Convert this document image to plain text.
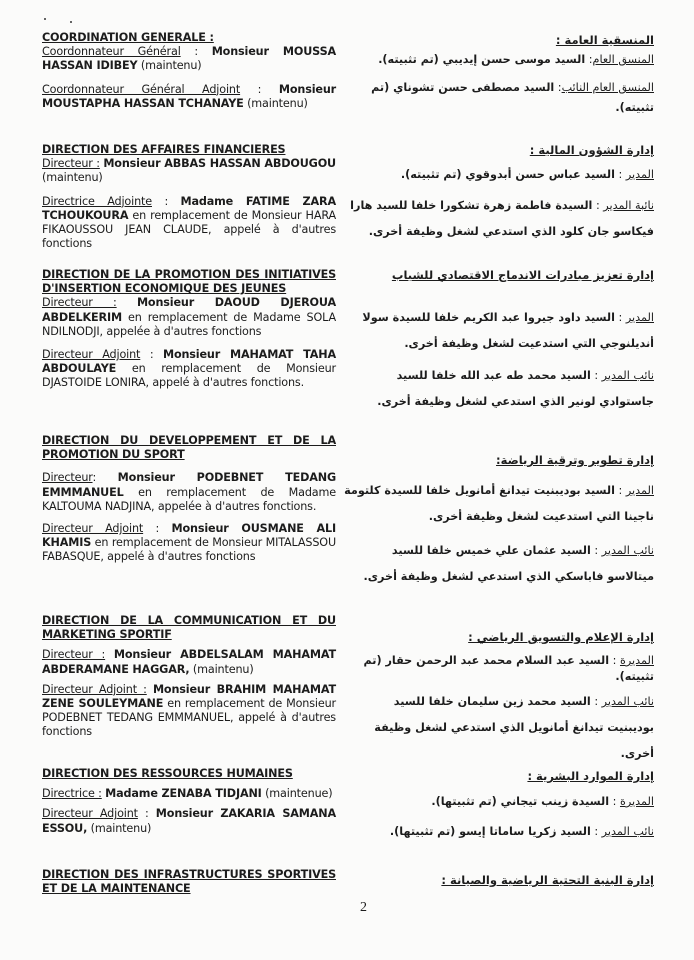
COORDINATION GENERALE :

Coordonnateur Général : Monsieur MOUSSA HASSAN IDIBEY (maintenu)

Coordonnateur Général Adjoint : Monsieur MOUSTAPHA HASSAN TCHANAYE (maintenu)

DIRECTION DES AFFAIRES FINANCIERES

Directeur : Monsieur ABBAS HASSAN ABDOUGOU (maintenu)

Directrice Adjointe : Madame FATIME ZARA TCHOUKOURA en remplacement de Monsieur HARA FIKAOUSSOU JEAN CLAUDE, appelé à d'autres fonctions

DIRECTION DE LA PROMOTION DES INITIATIVES D'INSERTION ECONOMIQUE DES JEUNES

Directeur : Monsieur DAOUD DJEROUA ABDELKERIM en remplacement de Madame SOLA NDILNODJI, appelée à d'autres fonctions

Directeur Adjoint : Monsieur MAHAMAT TAHA ABDOULAYE en remplacement de Monsieur DJASTOIDE LONIRA, appelé à d'autres fonctions.

DIRECTION DU DEVELOPPEMENT ET DE LA PROMOTION DU SPORT

Directeur: Monsieur PODEBNET TEDANG EMMMANUEL en remplacement de Madame KALTOUMA NADJINA, appelée à d'autres fonctions.

Directeur Adjoint : Monsieur OUSMANE ALI KHAMIS en remplacement de Monsieur MITALASSOU FABASQUE, appelé à d'autres fonctions

DIRECTION DE LA COMMUNICATION ET DU MARKETING SPORTIF

Directeur : Monsieur ABDELSALAM MAHAMAT ABDERAMANE HAGGAR, (maintenu)

Directeur Adjoint : Monsieur BRAHIM MAHAMAT ZENE SOULEYMANE en remplacement de Monsieur PODEBNET TEDANG EMMMANUEL, appelé à d'autres fonctions

DIRECTION DES RESSOURCES HUMAINES

Directrice : Madame ZENABA TIDJANI (maintenue)

Directeur Adjoint : Monsieur ZAKARIA SAMANA ESSOU, (maintenu)

DIRECTION DES INFRASTRUCTURES SPORTIVES ET DE LA MAINTENANCE

المنسقية العامة :

المنسق العام: السيد موسى حسن إيديبي (تم تثبيته).

المنسق العام النائب: السيد مصطفى حسن تشوناي (تم تثبيته).

إدارة الشؤون المالية :

المدير : السيد عباس حسن أبدوقوي (تم تثبيته).

نائبة المدير : السيدة فاطمة زهرة تشكورا خلفا للسيد هارا فيكاسو جان كلود الذي استدعي لشغل وظيفة أخرى.

إدارة تعزيز مبادرات الاندماج الاقتصادي للشباب

المدير : السيد داود جيروا عبد الكريم خلفا للسيدة سولا أنديلنوجي التي استدعيت لشغل وظيفة أخرى.

نائب المدير : السيد محمد طه عبد الله خلفا للسيد جاستوادي لونير الذي استدعي لشغل وظيفة أخرى.

إدارة تطوير وترقية الرياضة:

المدير : السيد بوديبنيت تيدانغ أمانويل خلفا للسيدة كلتومة ناجينا التي استدعيت لشغل وظيفة أخرى.

نائب المدير : السيد عثمان علي خميس خلفا للسيد ميتالاسو فاباسكي الذي استدعي لشغل وظيفة أخرى.

إدارة الإعلام والتسويق الرياضي :

المديرة : السيد عبد السلام محمد عبد الرحمن حقار (تم تثبيته).

نائب المدير : السيد محمد زين سليمان خلفا للسيد بوديبنيت تيدانغ أمانويل الذي استدعي لشغل وظيفة أخرى.

إدارة الموارد البشرية :

المديرة : السيدة زينب تيجاني (تم تثبيتها).

نائب المدير : السيد زكريا ساماتا إيسو (تم تثبيتها).

إدارة البنية التحتية الرياضية والصيانة :

2
